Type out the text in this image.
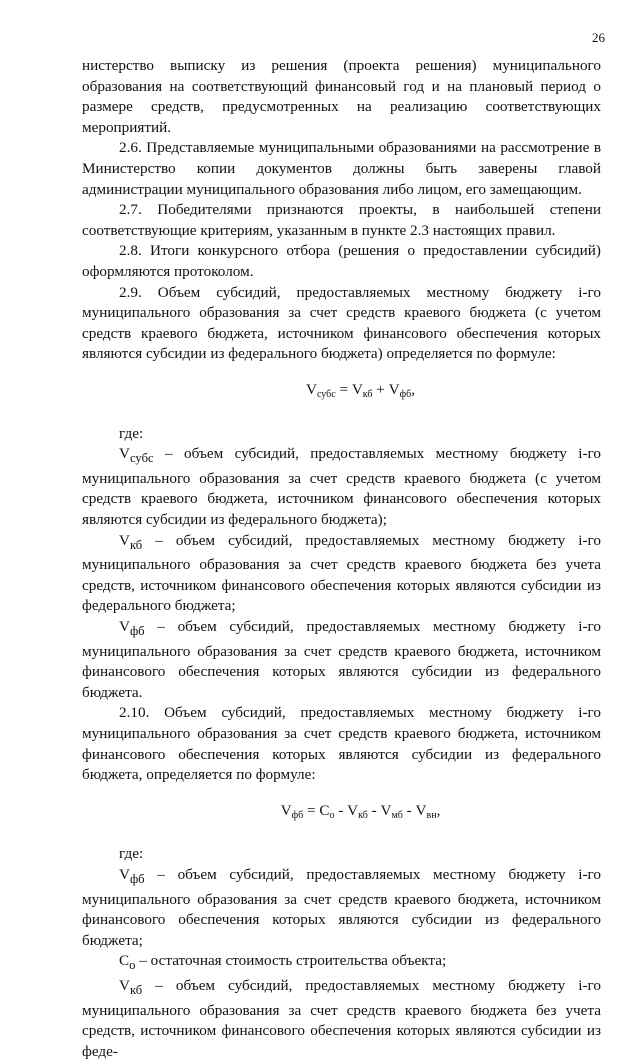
26

нистерство выписку из решения (проекта решения) муниципального образования на соответствующий финансовый год и на плановый период о размере средств, предусмотренных на реализацию соответствующих мероприятий.

2.6. Представляемые муниципальными образованиями на рассмотрение в Министерство копии документов должны быть заверены главой администрации муниципального образования либо лицом, его замещающим.

2.7. Победителями признаются проекты, в наибольшей степени соответствующие критериям, указанным в пункте 2.3 настоящих правил.

2.8. Итоги конкурсного отбора (решения о предоставлении субсидий) оформляются протоколом.

2.9. Объем субсидий, предоставляемых местному бюджету i-го муниципального образования за счет средств краевого бюджета (с учетом средств краевого бюджета, источником финансового обеспечения которых являются субсидии из федерального бюджета) определяется по формуле:

$V_{субс} = V_{кб} + V_{фб}$,

где:

$V_{субс}$ – объем субсидий, предоставляемых местному бюджету i-го муниципального образования за счет средств краевого бюджета (с учетом средств краевого бюджета, источником финансового обеспечения которых являются субсидии из федерального бюджета);

$V_{кб}$ – объем субсидий, предоставляемых местному бюджету i-го муниципального образования за счет средств краевого бюджета без учета средств, источником финансового обеспечения которых являются субсидии из федерального бюджета;

$V_{фб}$ – объем субсидий, предоставляемых местному бюджету i-го муниципального образования за счет средств краевого бюджета, источником финансового обеспечения которых являются субсидии из федерального бюджета.

2.10. Объем субсидий, предоставляемых местному бюджету i-го муниципального образования за счет средств краевого бюджета, источником финансового обеспечения которых являются субсидии из федерального бюджета, определяется по формуле:

$V_{фб} = C_о - V_{кб} - V_{мб} - V_{вн}$,

где:

$V_{фб}$ – объем субсидий, предоставляемых местному бюджету i-го муниципального образования за счет средств краевого бюджета, источником финансового обеспечения которых являются субсидии из федерального бюджета;

$C_о$ – остаточная стоимость строительства объекта;

$V_{кб}$ – объем субсидий, предоставляемых местному бюджету i-го муниципального образования за счет средств краевого бюджета без учета средств, источником финансового обеспечения которых являются субсидии из феде-
